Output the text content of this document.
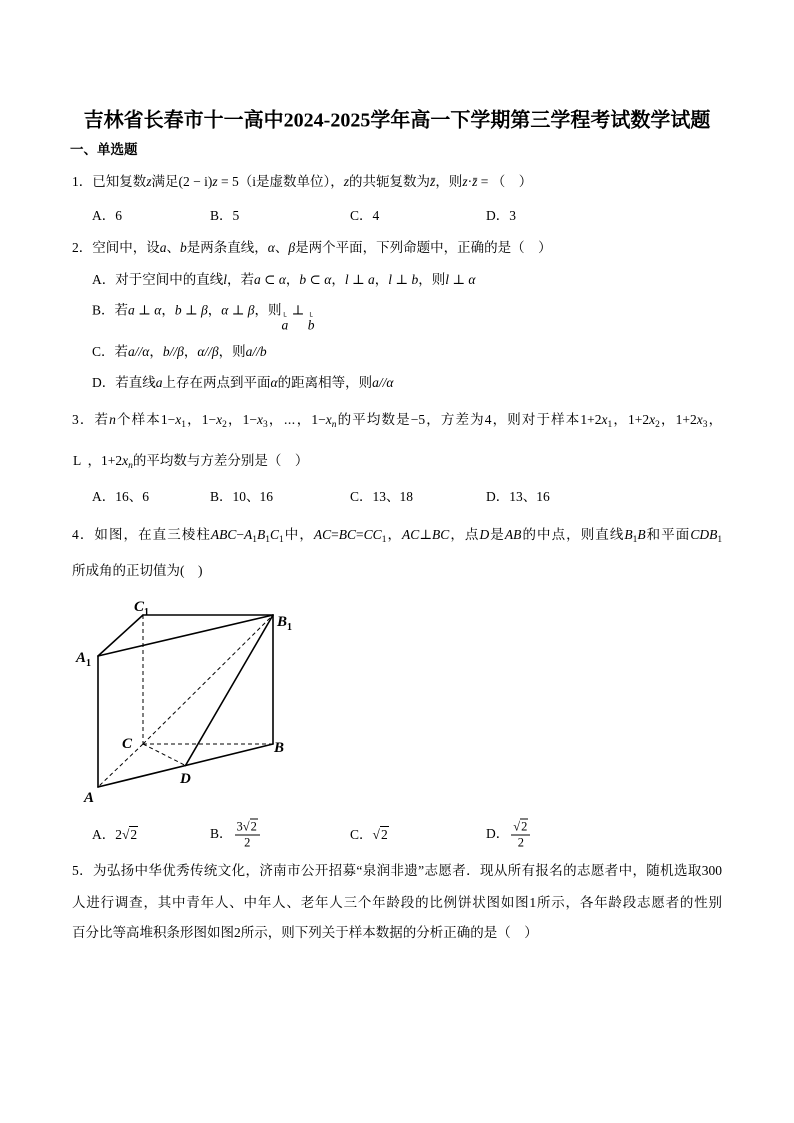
吉林省长春市十一高中2024-2025学年高一下学期第三学程考试数学试题
一、单选题
1．已知复数z满足(2 − i)z = 5（i是虚数单位），z的共轭复数为z̄，则z·z̄ = （    ）
A．6	B．5	C．4	D．3
2．空间中，设a、b是两条直线，α、β是两个平面，下列命题中，正确的是（    ）
A．对于空间中的直线l，若a ⊂ α，b ⊂ α，l ⊥ a，l ⊥ b，则l ⊥ α
B．若a ⊥ α，b ⊥ β，α ⊥ β，则 L
a
⊥ L
b
C．若a//α，b//β，α//β，则a//b
D．若直线a上存在两点到平面α的距离相等，则a//α
3．若n个样本$1-x_1$，$1-x_2$，$1-x_3$，⋯，$1-x_n$的平均数是−5，方差为4，则对于样本$1+2x_1$，$1+2x_2$，$1+2x_3$，
L  ，$1+2x_n$的平均数与方差分别是（    ）
A．16、6	B．10、16	C．13、18	D．13、16
4．如图，在直三棱柱$ABC-A_1B_1C_1$中，$AC=BC=CC_1$，AC⊥BC，点D是AB的中点，则直线$B_1B$和平面$CDB_1$
所成角的正切值为(    )
$C_1$
$B_1$
$A_1$
C	B
D
A
A．2 √ 2	B． $\frac{3 √ 2}{2}$	C． √ 2	D． √ $\frac{2}{2}$
5．为弘扬中华优秀传统文化，济南市公开招募“泉润非遗”志愿者．现从所有报名的志愿者中，随机选取300
人进行调查，其中青年人、中年人、老年人三个年龄段的比例饼状图如图1所示，各年龄段志愿者的性别
百分比等高堆积条形图如图2所示，则下列关于样本数据的分析正确的是（    ）
